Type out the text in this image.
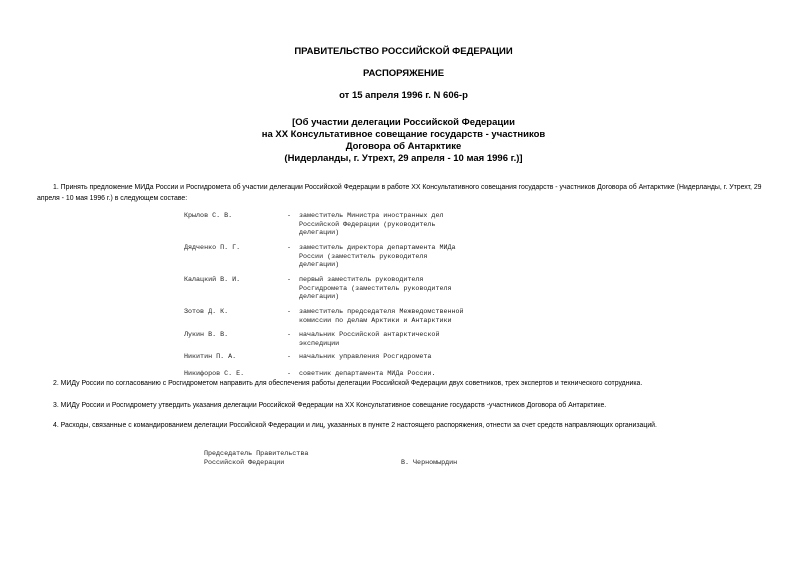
ПРАВИТЕЛЬСТВО РОССИЙСКОЙ ФЕДЕРАЦИИ
РАСПОРЯЖЕНИЕ
от 15 апреля 1996 г. N 606-р
[Об участии делегации Российской Федерации
на XX Консультативное совещание государств - участников
Договора об Антарктике
(Нидерланды, г. Утрехт, 29 апреля - 10 мая 1996 г.)]
1. Принять предложение МИДа России и Росгидромета об участии делегации Российской Федерации в работе XX Консультативного совещания государств - участников Договора об Антарктике (Нидерланды, г. Утрехт, 29 апреля - 10 мая 1996 г.) в следующем составе:
Крылов С. В.	- заместитель Министра иностранных дел
Российской Федерации (руководитель
делегации)
Дядченко П. Г.	- заместитель директора департамента МИДа
России (заместитель руководителя
делегации)
Калацкий В. И.	- первый заместитель руководителя
Росгидромета (заместитель руководителя
делегации)
Зотов Д. К.	- заместитель председателя Межведомственной
комиссии по делам Арктики и Антарктики
Лукин В. В.	- начальник Российской антарктической
экспедиции
Никитин П. А.	- начальник управления Росгидромета
Никифоров С. Е.	- советник департамента МИДа России.
2. МИДу России по согласованию с Росгидрометом направить для обеспечения работы делегации Российской Федерации двух советников, трех экспертов и технического сотрудника.
3. МИДу России и Росгидромету утвердить указания делегации Российской Федерации на XX Консультативное совещание государств -участников Договора об Антарктике.
4. Расходы, связанные с командированием делегации Российской Федерации и лиц, указанных в пункте 2 настоящего распоряжения, отнести за счет средств направляющих организаций.
Председатель Правительства
Российской Федерации	В. Черномырдин
